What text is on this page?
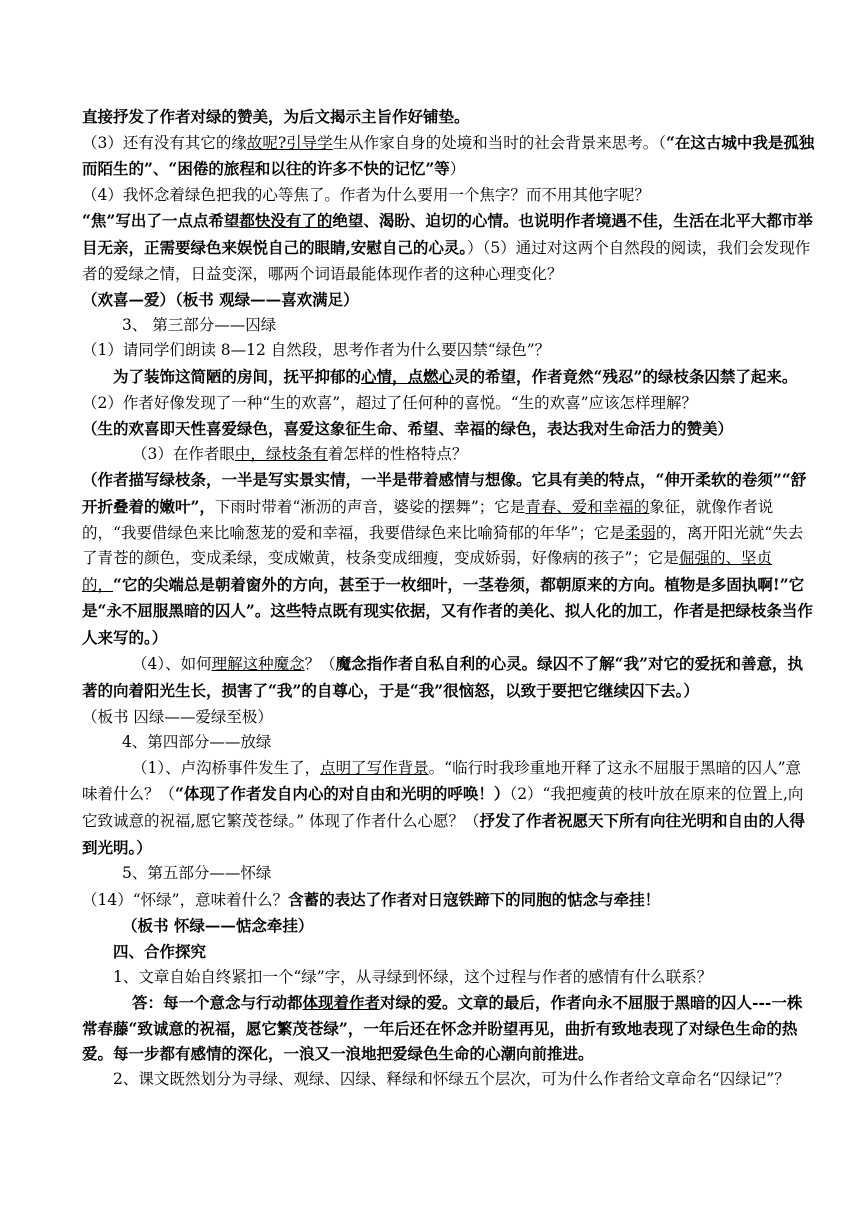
直接抒发了作者对绿的赞美，为后文揭示主旨作好铺垫。

（3）还有没有其它的缘故呢?引导学生从作家自身的处境和当时的社会背景来思考。（“在这古城中我是孤独而陌生的”、“困倦的旅程和以往的许多不快的记忆”等）

（4）我怀念着绿色把我的心等焦了。作者为什么要用一个焦字？而不用其他字呢？

“焦”写出了一点点希望都快没有了的绝望、渴盼、迫切的心情。也说明作者境遇不佳，生活在北平大都市举目无亲，正需要绿色来娱悦自己的眼睛,安慰自己的心灵。）（5）通过对这两个自然段的阅读，我们会发现作者的爱绿之情，日益变深，哪两个词语最能体现作者的这种心理变化？

（欢喜—爱）（板书 观绿——喜欢满足）

3、 第三部分——囚绿

（1）请同学们朗读 8—12 自然段，思考作者为什么要囚禁“绿色”？

为了装饰这简陋的房间，抚平抑郁的心情，点燃心灵的希望，作者竟然“残忍”的绿枝条囚禁了起来。（2）作者好像发现了一种“生的欢喜”，超过了任何种的喜悦。“生的欢喜”应该怎样理解？

（生的欢喜即天性喜爱绿色，喜爱这象征生命、希望、幸福的绿色，表达我对生命活力的赞美）

（3）在作者眼中，绿枝条有着怎样的性格特点？

（作者描写绿枝条，一半是写实景实情，一半是带着感情与想像。它具有美的特点，“伸开柔软的卷须”“舒开折叠着的嫩叶”，下雨时带着“淅沥的声音，婆娑的摆舞”；它是青春、爱和幸福的象征，就像作者说的，“我要借绿色来比喻葱茏的爱和幸福，我要借绿色来比喻猗郁的年华”；它是柔弱的，离开阳光就“失去了青苍的颜色，变成柔绿，变成嫩黄，枝条变成细瘦，变成娇弱，好像病的孩子”；它是倔强的、坚贞的，“它的尖端总是朝着窗外的方向，甚至于一枚细叶，一茎卷须，都朝原来的方向。植物是多固执啊!”它是“永不屈服黑暗的囚人”。这些特点既有现实依据，又有作者的美化、拟人化的加工，作者是把绿枝条当作人来写的。）

（4）、如何理解这种魔念？（魔念指作者自私自利的心灵。绿囚不了解“我”对它的爱抚和善意，执著的向着阳光生长，损害了“我”的自尊心，于是“我”很恼怒，以致于要把它继续囚下去。）

（板书 囚绿——爱绿至极）

4、第四部分——放绿

（1）、卢沟桥事件发生了，点明了写作背景。“临行时我珍重地开释了这永不屈服于黑暗的囚人”意味着什么？（“体现了作者发自内心的对自由和光明的呼唤！）（2）“我把瘦黄的枝叶放在原来的位置上,向它致诚意的祝福,愿它繁茂苍绿。” 体现了作者什么心愿？（抒发了作者祝愿天下所有向往光明和自由的人得到光明。）

5、第五部分——怀绿

（14）“怀绿”，意味着什么？含蓄的表达了作者对日寇铁蹄下的同胞的惦念与牵挂！

（板书 怀绿——惦念牵挂）

四、合作探究

1、文章自始自终紧扣一个“绿”字，从寻绿到怀绿，这个过程与作者的感情有什么联系？

答：每一个意念与行动都体现着作者对绿的爱。文章的最后，作者向永不屈服于黑暗的囚人---一株常春藤“致诚意的祝福，愿它繁茂苍绿”，一年后还在怀念并盼望再见，曲折有致地表现了对绿色生命的热爱。每一步都有感情的深化，一浪又一浪地把爱绿色生命的心潮向前推进。

2、课文既然划分为寻绿、观绿、囚绿、释绿和怀绿五个层次，可为什么作者给文章命名“囚绿记”？
